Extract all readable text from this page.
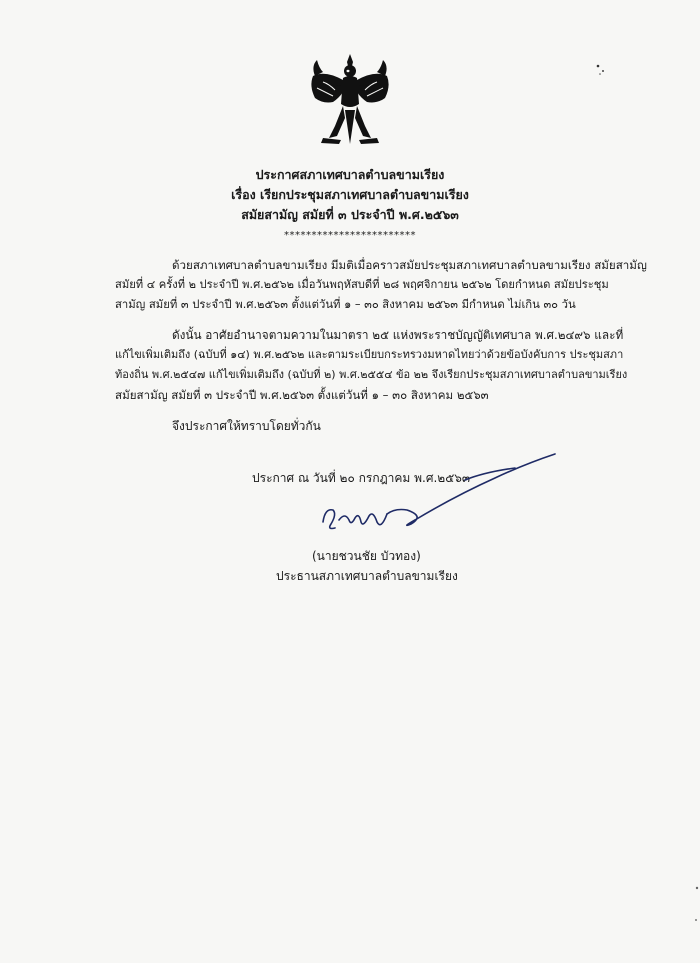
ประกาศสภาเทศบาลตำบลขามเรียง
เรื่อง เรียกประชุมสภาเทศบาลตำบลขามเรียง
สมัยสามัญ สมัยที่ ๓ ประจำปี พ.ศ.๒๕๖๓
************************
ด้วยสภาเทศบาลตำบลขามเรียง มีมติเมื่อคราวสมัยประชุมสภาเทศบาลตำบลขามเรียง สมัยสามัญ
สมัยที่ ๔ ครั้งที่ ๒ ประจำปี พ.ศ.๒๕๖๒ เมื่อวันพฤหัสบดีที่ ๒๘ พฤศจิกายน ๒๕๖๒ โดยกำหนด สมัยประชุม
สามัญ สมัยที่ ๓ ประจำปี พ.ศ.๒๕๖๓ ตั้งแต่วันที่ ๑ – ๓๐ สิงหาคม ๒๕๖๓ มีกำหนด ไม่เกิน ๓๐ วัน
ดังนั้น อาศัยอำนาจตามความในมาตรา ๒๕ แห่งพระราชบัญญัติเทศบาล พ.ศ.๒๔๙๖ และที่
แก้ไขเพิ่มเติมถึง (ฉบับที่ ๑๔) พ.ศ.๒๕๖๒ และตามระเบียบกระทรวงมหาดไทยว่าด้วยข้อบังคับการ ประชุมสภา
ท้องถิ่น พ.ศ.๒๕๔๗ แก้ไขเพิ่มเติมถึง (ฉบับที่ ๒) พ.ศ.๒๕๕๔ ข้อ ๒๒ จึงเรียกประชุมสภาเทศบาลตำบลขามเรียง
สมัยสามัญ สมัยที่ ๓ ประจำปี พ.ศ.๒๕๖๓ ตั้งแต่วันที่ ๑ – ๓๐ สิงหาคม ๒๕๖๓
จึงประกาศให้ทราบโดยทั่วกัน
ประกาศ ณ วันที่ ๒๐ กรกฎาคม พ.ศ.๒๕๖๓
(นายชวนชัย บัวทอง)
ประธานสภาเทศบาลตำบลขามเรียง
